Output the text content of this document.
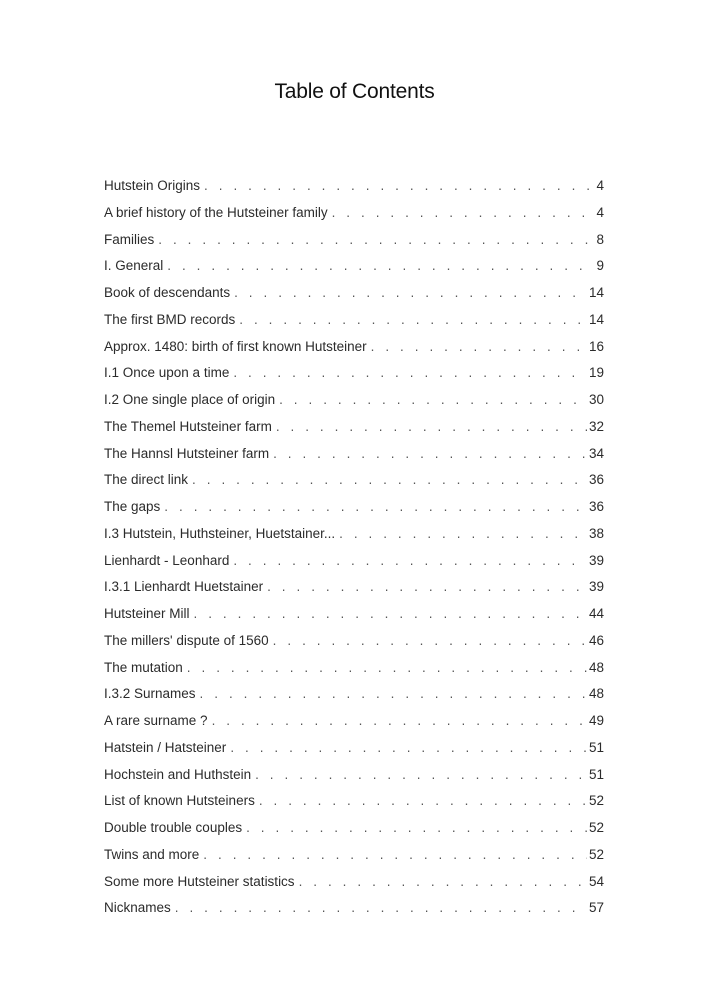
Table of Contents
Hutstein Origins . . .	4
A brief history of the Hutsteiner family . . .	4
Families . . .	8
I. General . . .	9
Book of descendants . . .	14
The first BMD records . . .	14
Approx. 1480: birth of first known Hutsteiner . . .	16
I.1 Once upon a time . . .	19
I.2 One single place of origin . . .	30
The Themel Hutsteiner farm . . .	32
The Hannsl Hutsteiner farm . . .	34
The direct link . . .	36
The gaps . . .	36
I.3 Hutstein, Huthsteiner, Huetstainer... . . .	38
Lienhardt - Leonhard . . .	39
I.3.1 Lienhardt Huetstainer . . .	39
Hutsteiner Mill . . .	44
The millers' dispute of 1560 . . .	46
The mutation . . .	48
I.3.2 Surnames . . .	48
A rare surname ? . . .	49
Hatstein / Hatsteiner . . .	51
Hochstein and Huthstein . . .	51
List of known Hutsteiners . . .	52
Double trouble couples . . .	52
Twins and more . . .	52
Some more Hutsteiner statistics . . .	54
Nicknames . . .	57
